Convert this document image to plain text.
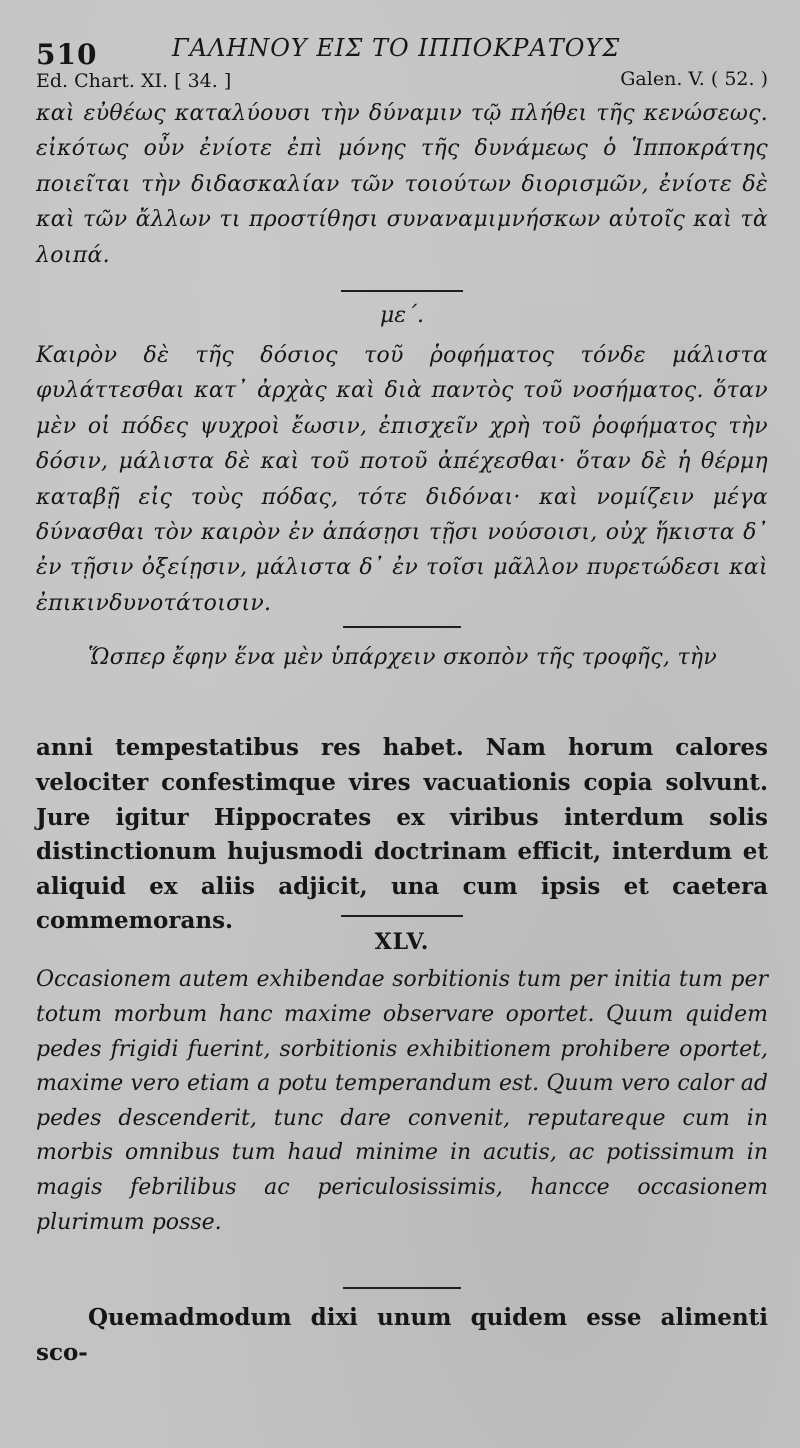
510	ΓΑΛΗΝΟΥ ΕΙΣ ΤΟ ΙΠΠΟΚΡΑΤΟΥΣ
Ed. Chart. XI. [ 34. ]	Galen. V. ( 52. )
καὶ εὐθέως καταλύουσι τὴν δύναμιν τῷ πλήθει τῆς κενώσεως. εἰκότως οὖν ἐνίοτε ἐπὶ μόνης τῆς δυνάμεως ὁ Ἱπποκράτης ποιεῖται τὴν διδασκαλίαν τῶν τοιούτων διορισμῶν, ἐνίοτε δὲ καὶ τῶν ἄλλων τι προστίθησι συναναμιμνήσκων αὐτοῖς καὶ τὰ λοιπά.
με΄.
Καιρὸν δὲ τῆς δόσιος τοῦ ῥοφήματος τόνδε μάλιστα φυλάττεσθαι κατ᾽ ἀρχὰς καὶ διὰ παντὸς τοῦ νοσήματος. ὅταν μὲν οἱ πόδες ψυχροὶ ἔωσιν, ἐπισχεῖν χρὴ τοῦ ῥοφήματος τὴν δόσιν, μάλιστα δὲ καὶ τοῦ ποτοῦ ἀπέχεσθαι· ὅταν δὲ ἡ θέρμη καταβῇ εἰς τοὺς πόδας, τότε διδόναι· καὶ νομίζειν μέγα δύνασθαι τὸν καιρὸν ἐν ἁπάσῃσι τῇσι νούσοισι, οὐχ ἥκιστα δ᾽ ἐν τῇσιν ὀξείῃσιν, μάλιστα δ᾽ ἐν τοῖσι μᾶλλον πυρετώδεσι καὶ ἐπικινδυνοτάτοισιν.
Ὥσπερ ἔφην ἕνα μὲν ὑπάρχειν σκοπὸν τῆς τροφῆς, τὴν
anni tempestatibus res habet. Nam horum calores velociter confestimque vires vacuationis copia solvunt. Jure igitur Hippocrates ex viribus interdum solis distinctionum hujusmodi doctrinam efficit, interdum et aliquid ex aliis adjicit, una cum ipsis et caetera commemorans.
XLV.
Occasionem autem exhibendae sorbitionis tum per initia tum per totum morbum hanc maxime observare oportet. Quum quidem pedes frigidi fuerint, sorbitionis exhibitionem prohibere oportet, maxime vero etiam a potu temperandum est. Quum vero calor ad pedes descenderit, tunc dare convenit, reputareque cum in morbis omnibus tum haud minime in acutis, ac potissimum in magis febrilibus ac periculosissimis, hancce occasionem plurimum posse.
Quemadmodum dixi unum quidem esse alimenti sco-
